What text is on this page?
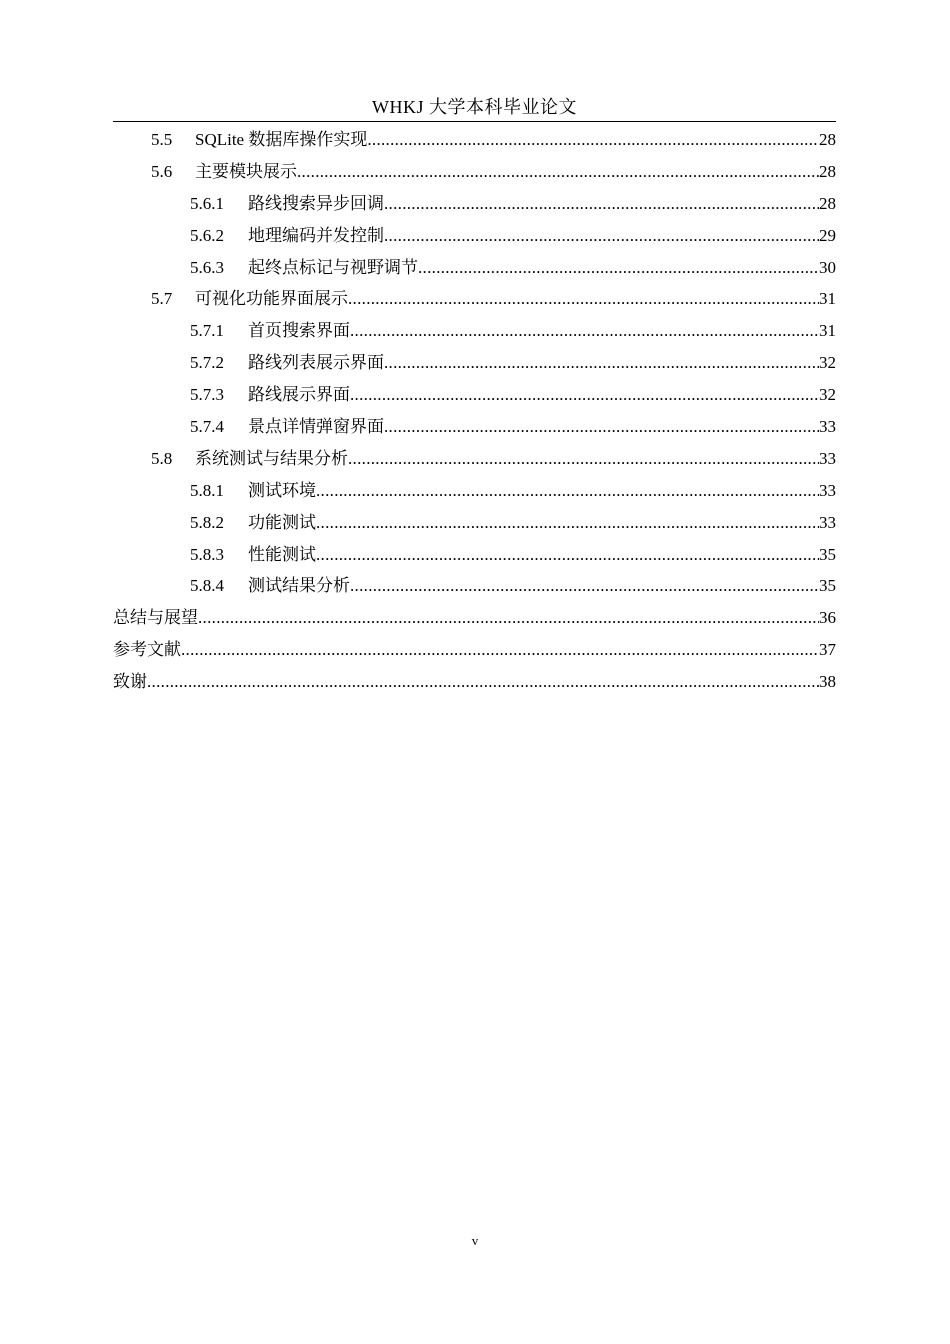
WHKJ 大学本科毕业论文
5.5	SQLite 数据库操作实现 .....	28
5.6	主要模块展示 .....	28
5.6.1	路线搜索异步回调 .....	28
5.6.2	地理编码并发控制 .....	29
5.6.3	起终点标记与视野调节 .....	30
5.7	可视化功能界面展示 .....	31
5.7.1	首页搜索界面 .....	31
5.7.2	路线列表展示界面 .....	32
5.7.3	路线展示界面 .....	32
5.7.4	景点详情弹窗界面 .....	33
5.8	系统测试与结果分析 .....	33
5.8.1	测试环境 .....	33
5.8.2	功能测试 .....	33
5.8.3	性能测试 .....	35
5.8.4	测试结果分析 .....	35
总结与展望 .....	36
参考文献 .....	37
致谢 .....	38
v
